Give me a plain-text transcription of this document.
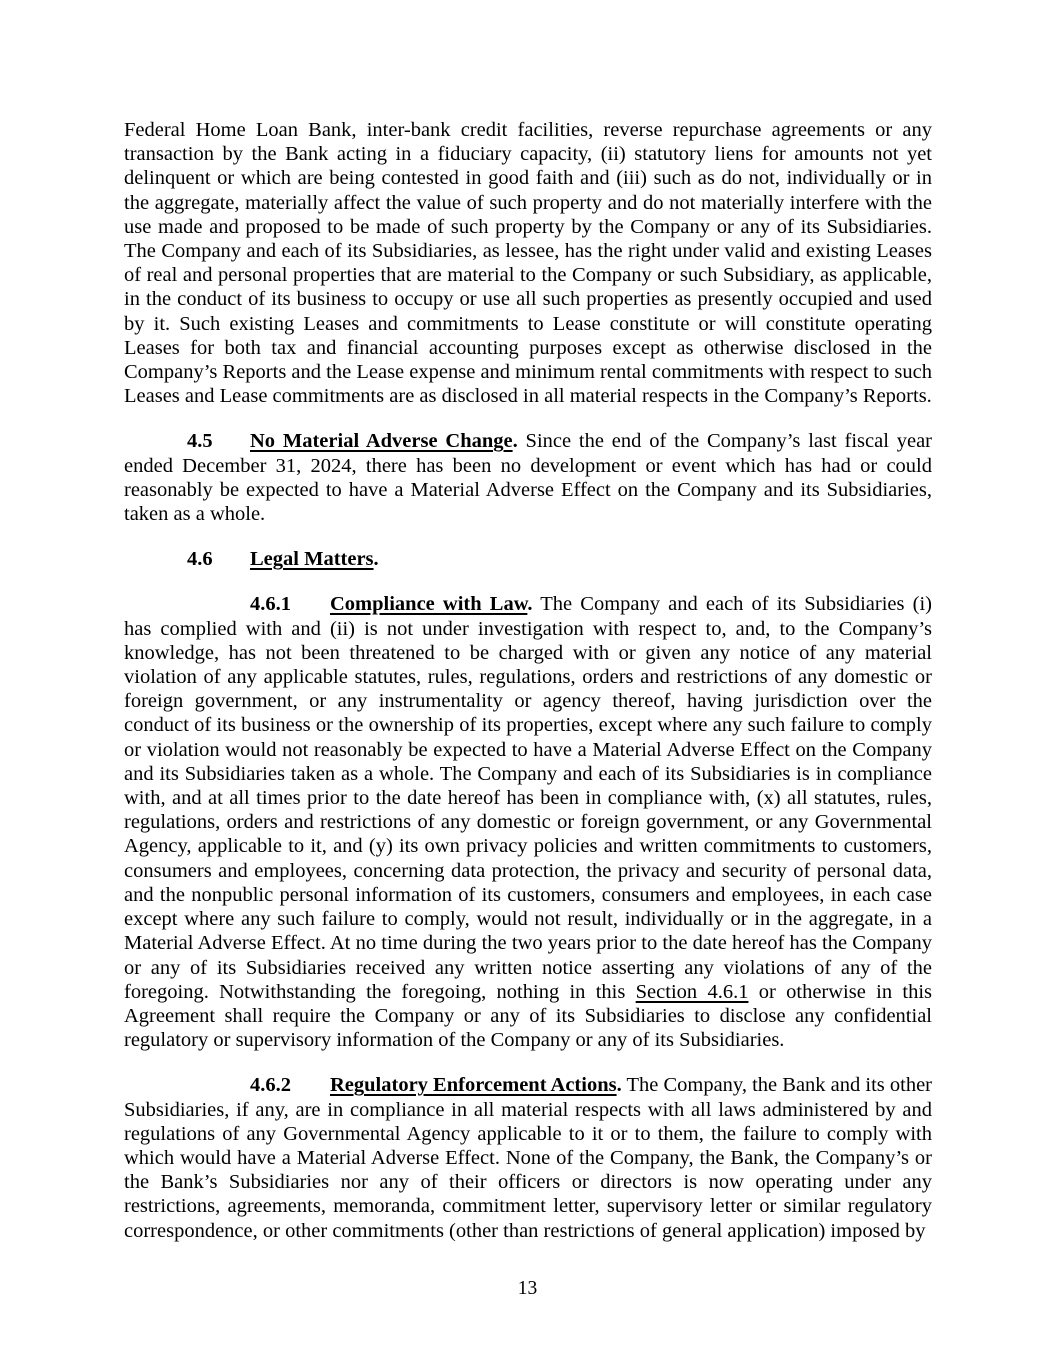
Federal Home Loan Bank, inter-bank credit facilities, reverse repurchase agreements or any transaction by the Bank acting in a fiduciary capacity, (ii) statutory liens for amounts not yet delinquent or which are being contested in good faith and (iii) such as do not, individually or in the aggregate, materially affect the value of such property and do not materially interfere with the use made and proposed to be made of such property by the Company or any of its Subsidiaries. The Company and each of its Subsidiaries, as lessee, has the right under valid and existing Leases of real and personal properties that are material to the Company or such Subsidiary, as applicable, in the conduct of its business to occupy or use all such properties as presently occupied and used by it. Such existing Leases and commitments to Lease constitute or will constitute operating Leases for both tax and financial accounting purposes except as otherwise disclosed in the Company’s Reports and the Lease expense and minimum rental commitments with respect to such Leases and Lease commitments are as disclosed in all material respects in the Company’s Reports.

4.5 No Material Adverse Change. Since the end of the Company’s last fiscal year ended December 31, 2024, there has been no development or event which has had or could reasonably be expected to have a Material Adverse Effect on the Company and its Subsidiaries, taken as a whole.

4.6 Legal Matters.

4.6.1 Compliance with Law. The Company and each of its Subsidiaries (i) has complied with and (ii) is not under investigation with respect to, and, to the Company’s knowledge, has not been threatened to be charged with or given any notice of any material violation of any applicable statutes, rules, regulations, orders and restrictions of any domestic or foreign government, or any instrumentality or agency thereof, having jurisdiction over the conduct of its business or the ownership of its properties, except where any such failure to comply or violation would not reasonably be expected to have a Material Adverse Effect on the Company and its Subsidiaries taken as a whole. The Company and each of its Subsidiaries is in compliance with, and at all times prior to the date hereof has been in compliance with, (x) all statutes, rules, regulations, orders and restrictions of any domestic or foreign government, or any Governmental Agency, applicable to it, and (y) its own privacy policies and written commitments to customers, consumers and employees, concerning data protection, the privacy and security of personal data, and the nonpublic personal information of its customers, consumers and employees, in each case except where any such failure to comply, would not result, individually or in the aggregate, in a Material Adverse Effect. At no time during the two years prior to the date hereof has the Company or any of its Subsidiaries received any written notice asserting any violations of any of the foregoing. Notwithstanding the foregoing, nothing in this Section 4.6.1 or otherwise in this Agreement shall require the Company or any of its Subsidiaries to disclose any confidential regulatory or supervisory information of the Company or any of its Subsidiaries.

4.6.2 Regulatory Enforcement Actions. The Company, the Bank and its other Subsidiaries, if any, are in compliance in all material respects with all laws administered by and regulations of any Governmental Agency applicable to it or to them, the failure to comply with which would have a Material Adverse Effect. None of the Company, the Bank, the Company’s or the Bank’s Subsidiaries nor any of their officers or directors is now operating under any restrictions, agreements, memoranda, commitment letter, supervisory letter or similar regulatory correspondence, or other commitments (other than restrictions of general application) imposed by

13
